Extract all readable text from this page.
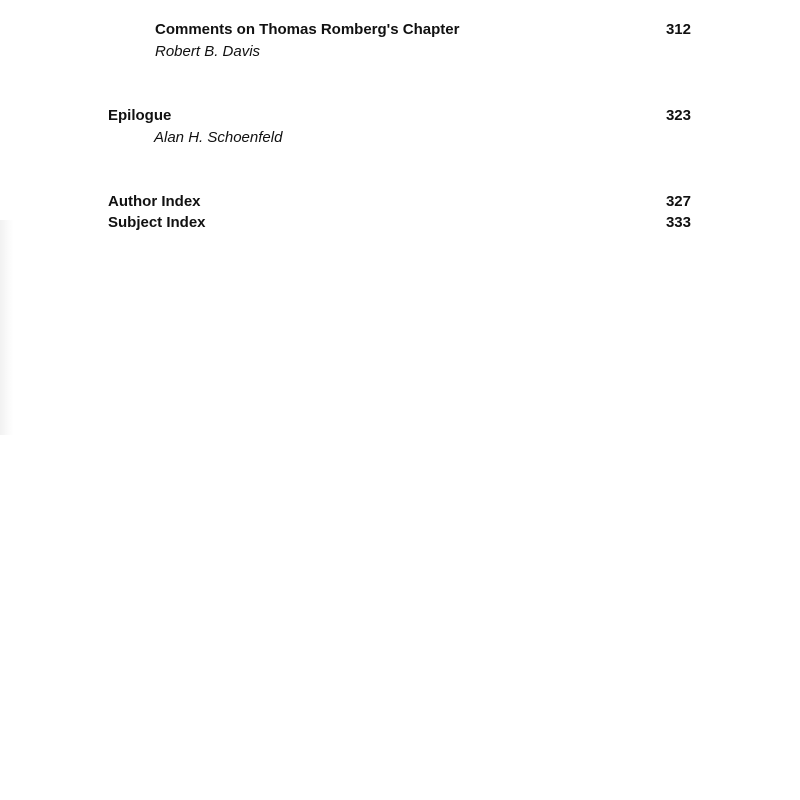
Comments on Thomas Romberg's Chapter	312
Robert B. Davis
Epilogue	323
Alan H. Schoenfeld
Author Index	327
Subject Index	333
